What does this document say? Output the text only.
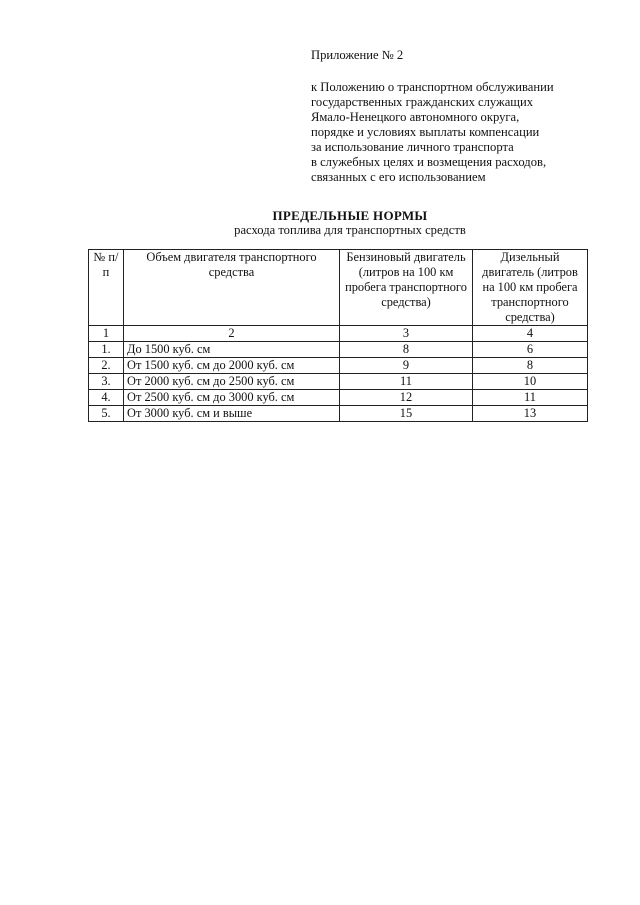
Приложение № 2
к Положению о транспортном обслуживании
государственных гражданских служащих
Ямало-Ненецкого автономного округа,
порядке и условиях выплаты компенсации
за использование личного транспорта
в служебных целях и возмещения расходов,
связанных с его использованием
ПРЕДЕЛЬНЫЕ НОРМЫ
расхода топлива для транспортных средств
№ п/п	Объем двигателя транспортного средства	Бензиновый двигатель (литров на 100 км пробега транспортного средства)	Дизельный двигатель (литров на 100 км пробега транспортного средства)
1	2	3	4
1.	До 1500 куб. см	8	6
2.	От 1500 куб. см до 2000 куб. см	9	8
3.	От 2000 куб. см до 2500 куб. см	11	10
4.	От 2500 куб. см до 3000 куб. см	12	11
5.	От 3000 куб. см и выше	15	13
